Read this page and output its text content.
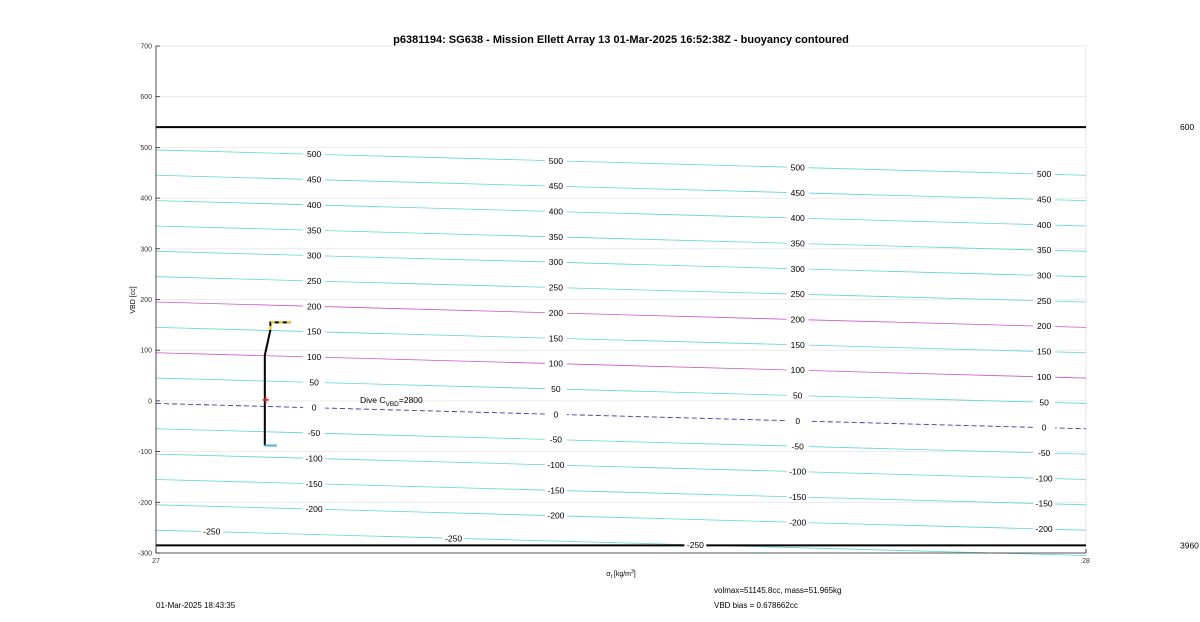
600
3960
-300
-200
-100
0
100
200
300
400
500
600
700
27	28
-250
-250
-250
-200
-200
-200
-200
-150
-150
-150
-150
-100
-100
-100
-100
-50
-50
-50
-50
0
0
0
0
50
50
50
50
100
100
100
100
150
150
150
150
200
200
200
200
250
250
250
250
300
300
300
300
350
350
350
350
400
400
400
400
450
450
450
450
500
500
500
500
p6381194: SG638 - Mission Ellett Array 13 01-Mar-2025 16:52:38Z - buoyancy contoured
VBD [cc]
$\sigma_t$ $[kg/m^3]$
Dive $C_{VBD}=2800$
volmax=51145.8cc, mass=51.965kg
01-Mar-2025 18:43:35	VBD bias = 0.678662cc
